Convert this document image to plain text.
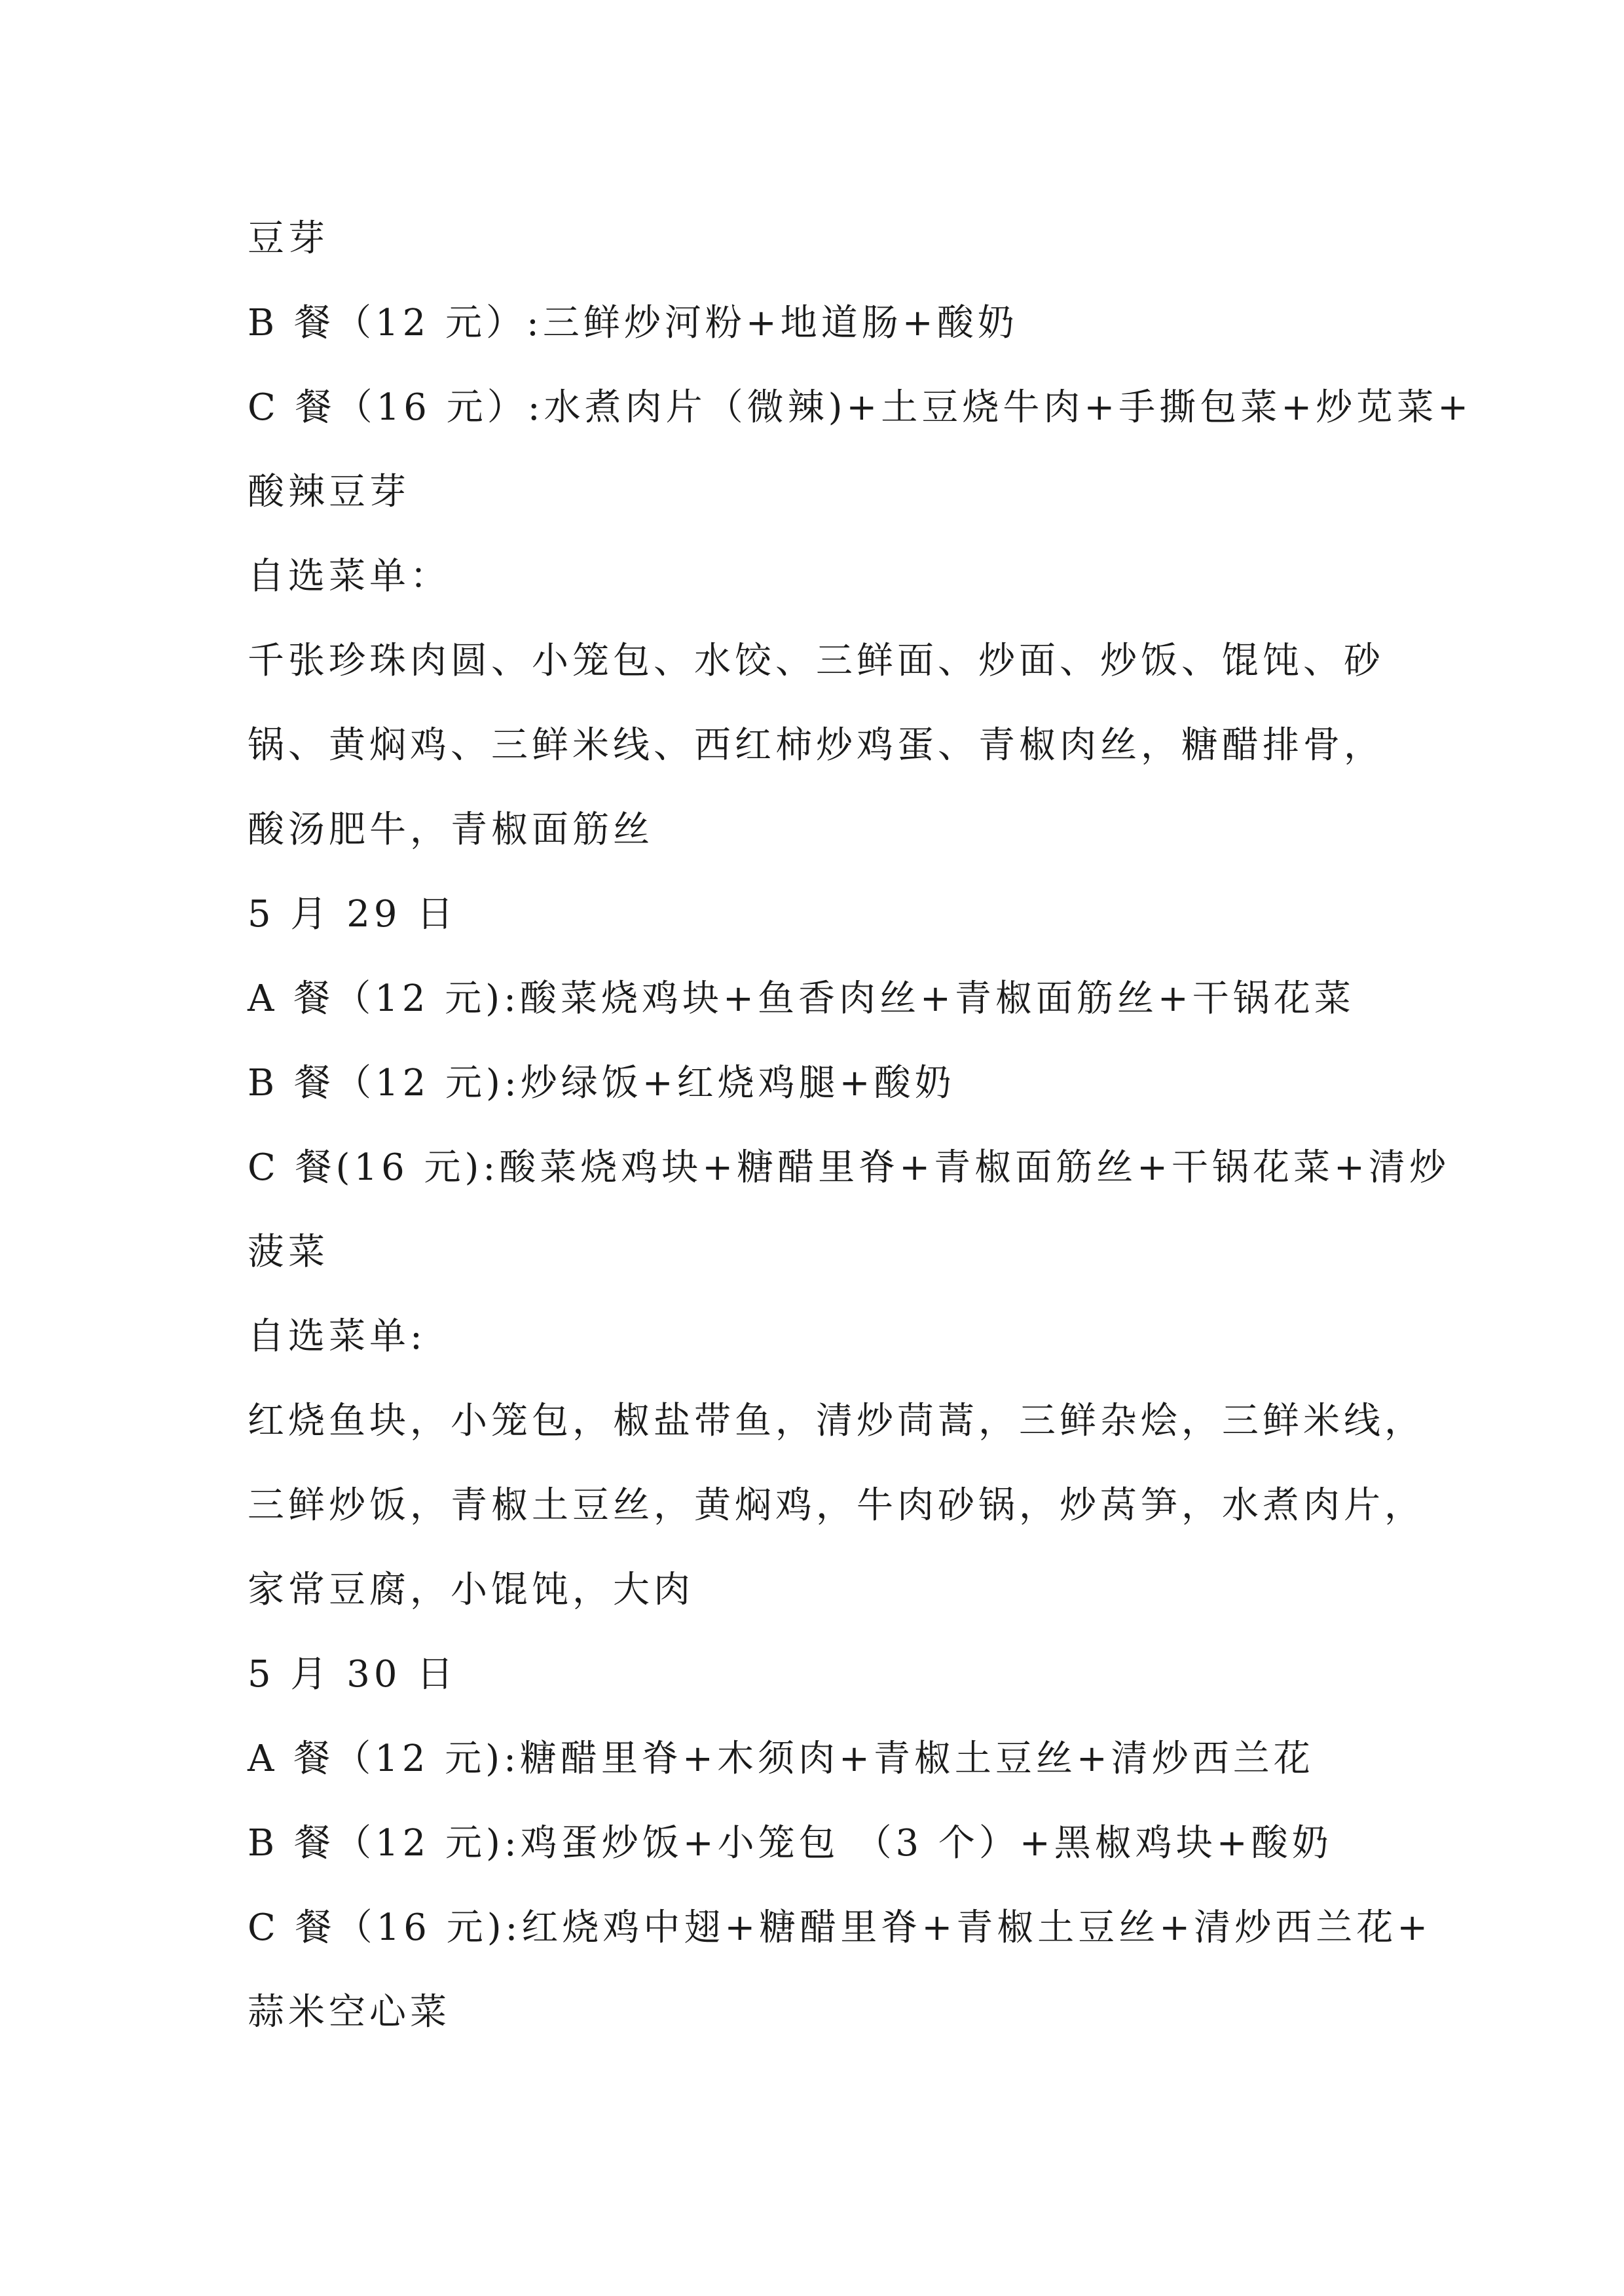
豆芽
B 餐（12 元）:三鲜炒河粉+地道肠+酸奶
C 餐（16 元）:水煮肉片（微辣)+土豆烧牛肉+手撕包菜+炒苋菜+
酸辣豆芽
自选菜单：
千张珍珠肉圆、小笼包、水饺、三鲜面、炒面、炒饭、馄饨、砂
锅、黄焖鸡、三鲜米线、西红柿炒鸡蛋、青椒肉丝，糖醋排骨，
酸汤肥牛，青椒面筋丝
5 月 29 日
A 餐（12 元):酸菜烧鸡块+鱼香肉丝+青椒面筋丝+干锅花菜
B 餐（12 元):炒绿饭+红烧鸡腿+酸奶
C 餐(16 元):酸菜烧鸡块+糖醋里脊+青椒面筋丝+干锅花菜+清炒
菠菜
自选菜单:
红烧鱼块，小笼包，椒盐带鱼，清炒茼蒿，三鲜杂烩，三鲜米线，
三鲜炒饭，青椒土豆丝，黄焖鸡，牛肉砂锅，炒莴笋，水煮肉片，
家常豆腐，小馄饨，大肉
5 月 30 日
A 餐（12 元):糖醋里脊+木须肉+青椒土豆丝+清炒西兰花
B 餐（12 元):鸡蛋炒饭+小笼包 （3 个）+黑椒鸡块+酸奶
C 餐（16 元):红烧鸡中翅+糖醋里脊+青椒土豆丝+清炒西兰花+
蒜米空心菜
